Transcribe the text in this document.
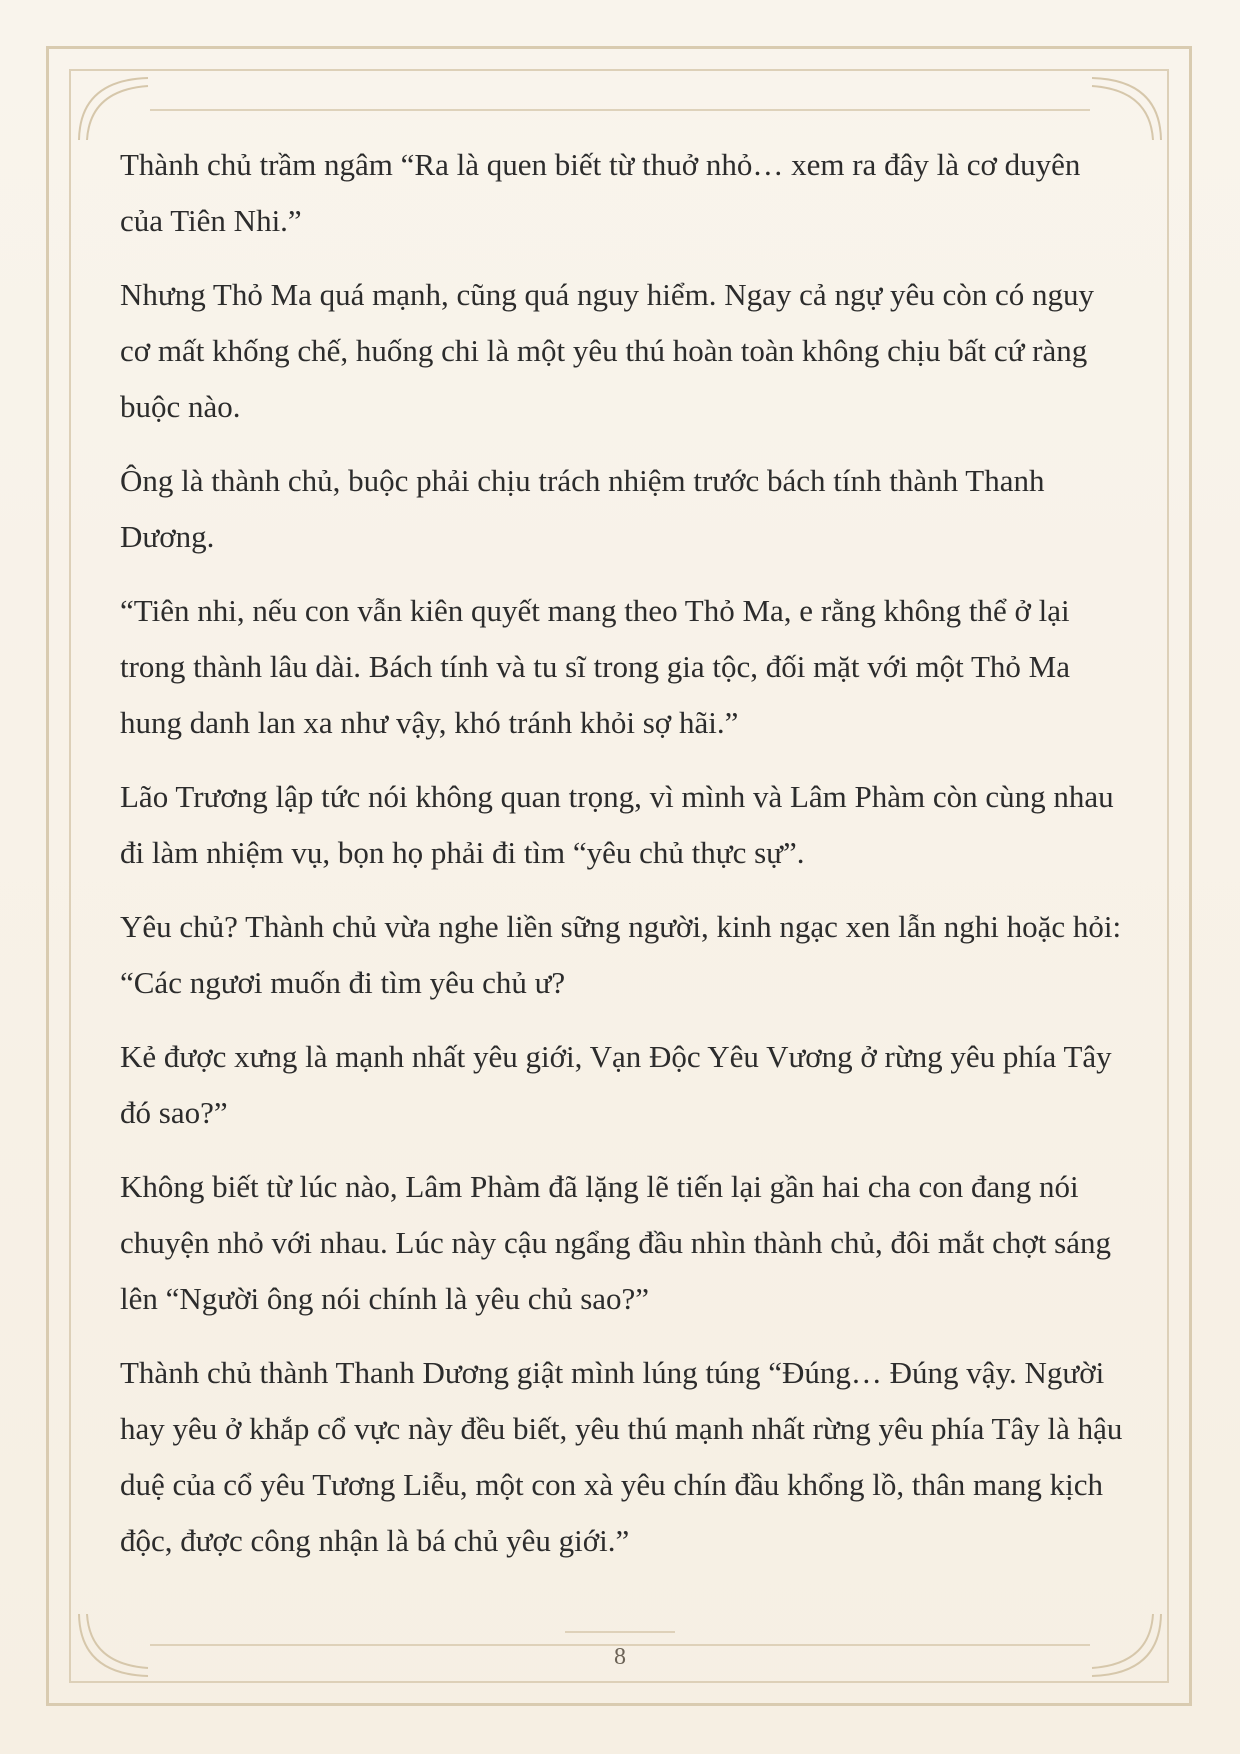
Thành chủ trầm ngâm “Ra là quen biết từ thuở nhỏ… xem ra đây là cơ duyên của Tiên Nhi.”

Nhưng Thỏ Ma quá mạnh, cũng quá nguy hiểm. Ngay cả ngự yêu còn có nguy cơ mất khống chế, huống chi là một yêu thú hoàn toàn không chịu bất cứ ràng buộc nào.

Ông là thành chủ, buộc phải chịu trách nhiệm trước bách tính thành Thanh Dương.

“Tiên nhi, nếu con vẫn kiên quyết mang theo Thỏ Ma, e rằng không thể ở lại trong thành lâu dài. Bách tính và tu sĩ trong gia tộc, đối mặt với một Thỏ Ma hung danh lan xa như vậy, khó tránh khỏi sợ hãi.”

Lão Trương lập tức nói không quan trọng, vì mình và Lâm Phàm còn cùng nhau đi làm nhiệm vụ, bọn họ phải đi tìm “yêu chủ thực sự”.

Yêu chủ? Thành chủ vừa nghe liền sững người, kinh ngạc xen lẫn nghi hoặc hỏi: “Các ngươi muốn đi tìm yêu chủ ư?

Kẻ được xưng là mạnh nhất yêu giới, Vạn Độc Yêu Vương ở rừng yêu phía Tây đó sao?”

Không biết từ lúc nào, Lâm Phàm đã lặng lẽ tiến lại gần hai cha con đang nói chuyện nhỏ với nhau. Lúc này cậu ngẩng đầu nhìn thành chủ, đôi mắt chợt sáng lên “Người ông nói chính là yêu chủ sao?”

Thành chủ thành Thanh Dương giật mình lúng túng “Đúng… Đúng vậy. Người hay yêu ở khắp cổ vực này đều biết, yêu thú mạnh nhất rừng yêu phía Tây là hậu duệ của cổ yêu Tương Liễu, một con xà yêu chín đầu khổng lồ, thân mang kịch độc, được công nhận là bá chủ yêu giới.”

8
